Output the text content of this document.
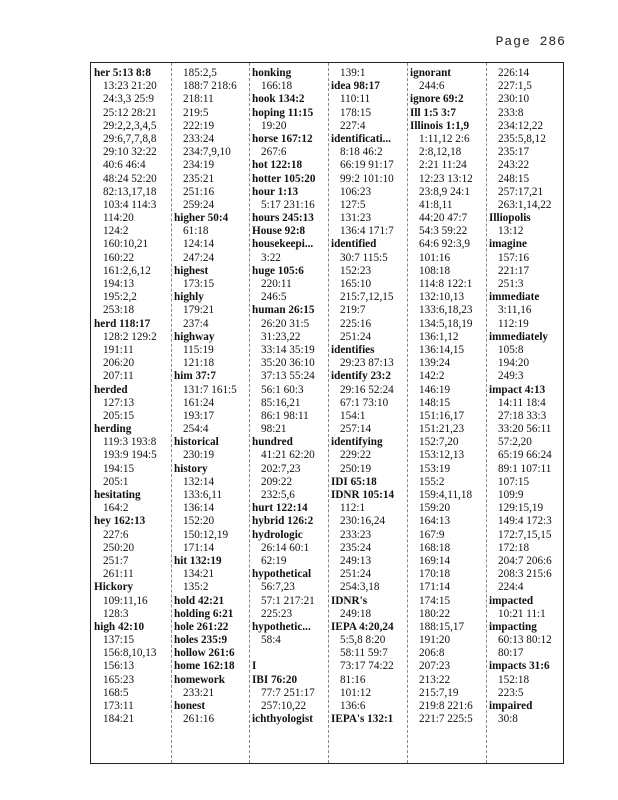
Page 286
her 5:13 8:8
13:23 21:20
24:3,3 25:9
25:12 28:21
29:2,2,3,4,5
29:6,7,7,8,8
29:10 32:22
40:6 46:4
48:24 52:20
82:13,17,18
103:4 114:3
114:20
124:2
160:10,21
160:22
161:2,6,12
194:13
195:2,2
253:18
herd 118:17
128:2 129:2
191:11
206:20
207:11
herded
127:13
205:15
herding
119:3 193:8
193:9 194:5
194:15
205:1
hesitating
164:2
hey 162:13
227:6
250:20
251:7
261:11
Hickory
109:11,16
128:3
high 42:10
137:15
156:8,10,13
156:13
165:23
168:5
173:11
184:21
185:2,5
188:7 218:6
218:11
219:5
222:19
233:24
234:7,9,10
234:19
235:21
251:16
259:24
higher 50:4
61:18
124:14
247:24
highest
173:15
highly
179:21
237:4
highway
115:19
121:18
him 37:7
131:7 161:5
161:24
193:17
254:4
historical
230:19
history
132:14
133:6,11
136:14
152:20
150:12,19
171:14
hit 132:19
134:21
135:2
hold 42:21
holding 6:21
hole 261:22
holes 235:9
hollow 261:6
home 162:18
homework
233:21
honest
261:16
honking
166:18
hook 134:2
hoping 11:15
19:20
horse 167:12
267:6
hot 122:18
hotter 105:20
hour 1:13
5:17 231:16
hours 245:13
House 92:8
housekeepi...
3:22
huge 105:6
220:11
246:5
human 26:15
26:20 31:5
31:23,22
33:14 35:19
35:20 36:10
37:13 55:24
56:1 60:3
85:16,21
86:1 98:11
98:21
hundred
41:21 62:20
202:7,23
209:22
232:5,6
hurt 122:14
hybrid 126:2
hydrologic
26:14 60:1
62:19
hypothetical
56:7,23
57:1 217:21
225:23
hypothetic...
58:4
I
IBI 76:20
77:7 251:17
257:10,22
ichthyologist
139:1
idea 98:17
110:11
178:15
227:4
identificati...
8:18 46:2
66:19 91:17
99:2 101:10
106:23
127:5
131:23
136:4 171:7
identified
30:7 115:5
152:23
165:10
215:7,12,15
219:7
225:16
251:24
identifies
29:23 87:13
identify 23:2
29:16 52:24
67:1 73:10
154:1
257:14
identifying
229:22
250:19
IDI 65:18
IDNR 105:14
112:1
230:16,24
233:23
235:24
249:13
251:24
254:3,18
IDNR's
249:18
IEPA 4:20,24
5:5,8 8:20
58:11 59:7
73:17 74:22
81:16
101:12
136:6
IEPA's 132:1
ignorant
244:6
ignore 69:2
Ill 1:5 3:7
Illinois 1:1,9
1:11,12 2:6
2:8,12,18
2:21 11:24
12:23 13:12
23:8,9 24:1
41:8,11
44:20 47:7
54:3 59:22
64:6 92:3,9
101:16
108:18
114:8 122:1
132:10,13
133:6,18,23
134:5,18,19
136:1,12
136:14,15
139:24
142:2
146:19
148:15
151:16,17
151:21,23
152:7,20
153:12,13
153:19
155:2
159:4,11,18
159:20
164:13
167:9
168:18
169:14
170:18
171:14
174:15
180:22
188:15,17
191:20
206:8
207:23
213:22
215:7,19
219:8 221:6
221:7 225:5
226:14
227:1,5
230:10
233:8
234:12,22
235:5,8,12
235:17
243:22
248:15
257:17,21
263:1,14,22
Illiopolis
13:12
imagine
157:16
221:17
251:3
immediate
3:11,16
112:19
immediately
105:8
194:20
249:3
impact 4:13
14:11 18:4
27:18 33:3
33:20 56:11
57:2,20
65:19 66:24
89:1 107:11
107:15
109:9
129:15,19
149:4 172:3
172:7,15,15
172:18
204:7 206:6
208:3 215:6
224:4
impacted
10:21 11:1
impacting
60:13 80:12
80:17
impacts 31:6
152:18
223:5
impaired
30:8
